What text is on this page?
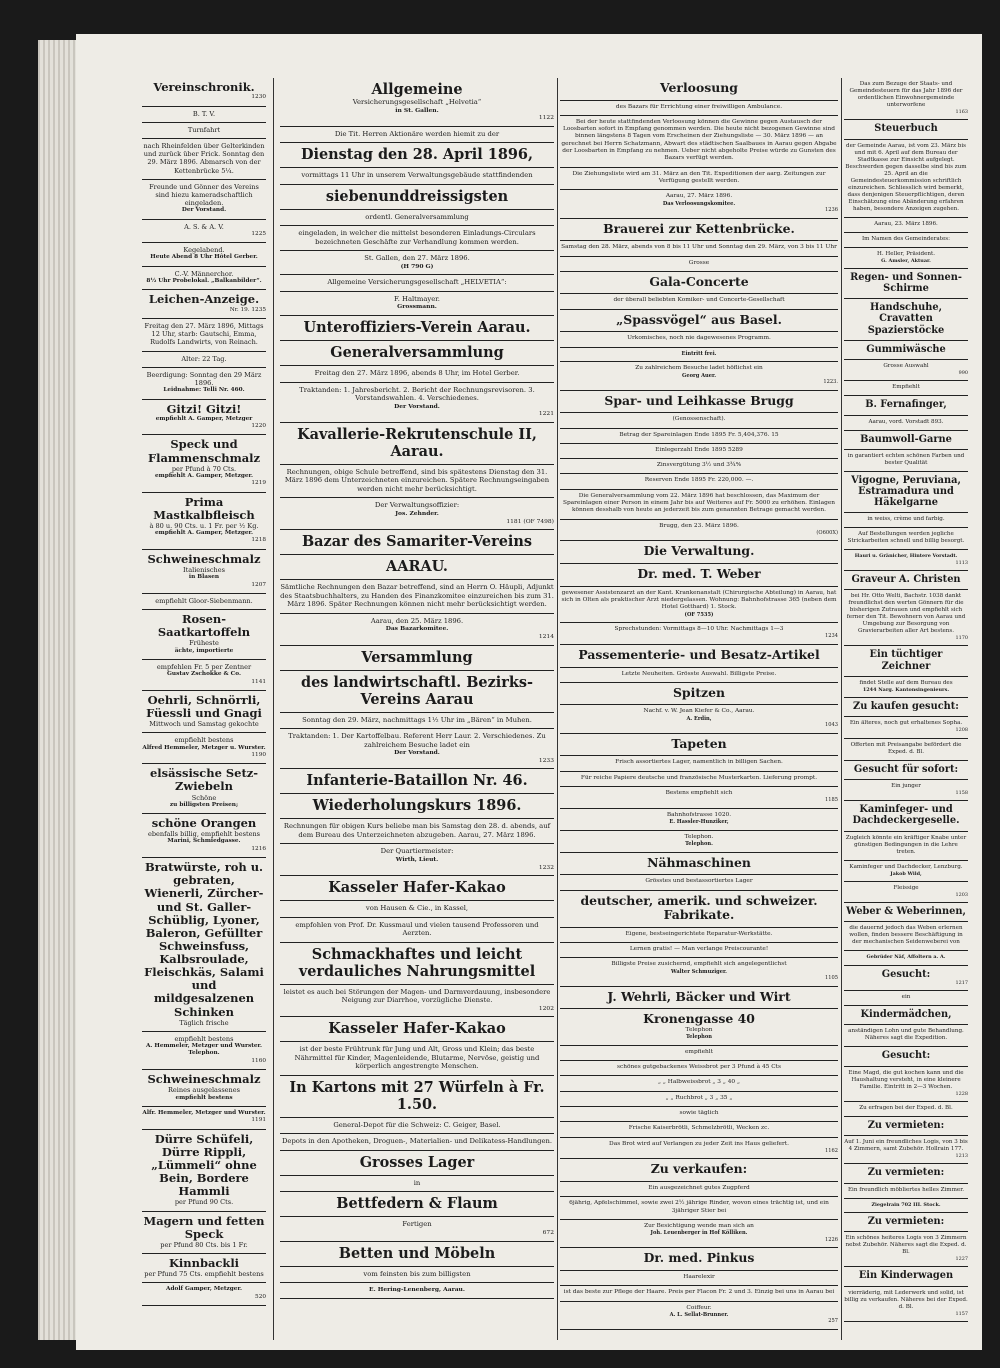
Vereinschronik.
1230
B. T. V.
Turnfahrt
nach Rheinfelden über Gelterkinden und zurück über Frick. Sonntag den 29. März 1896. Abmarsch von der Kettenbrücke 5¼.
Freunde und Gönner des Vereins sind hiezu kameradschaftlich eingeladen.
Der Vorstand.
A. S. & A. V.
1225
Kegelabend.
Heute Abend 8 Uhr Hôtel Gerber.
C.-V. Männerchor.
8½ Uhr Probelokal. „Balkanbilder“.
Leichen-Anzeige.
Nr. 19. 1235
Freitag den 27. März 1896, Mittags 12 Uhr, starb: Gautschi, Emma, Rudolfs Landwirts, von Reinach.
Alter: 22 Tag.
Beerdigung: Sonntag den 29 März 1896.
Leidnahme: Telli Nr. 460.
Gitzi! Gitzi!
empfiehlt A. Gamper, Metzger
1220
Speck und Flammenschmalz
per Pfund à 70 Cts.
empfiehlt A. Gamper, Metzger.
1219
Prima Mastkalbfleisch
à 80 u. 90 Cts. u. 1 Fr. per ½ Kg.
empfiehlt A. Gamper, Metzger.
1218
Schweineschmalz
Italienisches
in Blasen
1207
empfiehlt Gloor-Siebenmann.
Rosen-Saatkartoffeln
Frühestе
ächte, importierte
empfehlen Fr. 5 per Zentner
Gustav Zschokke & Co.
1141
Oehrli, Schnörrli, Füessli und Gnagi
Mittwoch und Samstag gekochte
empfiehlt bestens
Alfred Hemmeler, Metzger u. Wurster.
1190
elsässische Setz-Zwiebeln
Schöne
zu billigsten Preisen;
schöne Orangen
ebenfalls billig, empfiehlt bestens
Marini, Schmiedgasse.
1216
Bratwürste, roh u. gebraten, Wienerli, Zürcher- und St. Galler-Schüblig, Lyoner, Baleron, Gefüllter Schweinsfuss, Kalbsroulade, Fleischkäs, Salami und mildgesalzenen Schinken
Täglich frische
empfiehlt bestens
A. Hemmeler, Metzger und Wurster. Telephon.
1160
Schweineschmalz
Reines ausgelassenes
empfiehlt bestens
Alfr. Hemmeler, Metzger und Wurster.
1191
Dürre Schüfeli, Dürre Rippli, „Lümmeli“ ohne Bein, Bordere Hammli
per Pfund 90 Cts.
Magern und fetten Speck
per Pfund 80 Cts. bis 1 Fr.
Kinnbackli
per Pfund 75 Cts. empfiehlt bestens
Adolf Gamper, Metzger.
520
Allgemeine
Versicherungsgesellschaft „Helvetia“
in St. Gallen.
1122
Die Tit. Herren Aktionäre werden hiemit zu der
Dienstag den 28. April 1896,
vormittags 11 Uhr in unserem Verwaltungsgebäude stattfindenden
siebenunddreissigsten
ordentl. Generalversammlung
eingeladen, in welcher die mittelst besonderen Einladungs-Circulars bezeichneten Geschäfte zur Verhandlung kommen werden.
St. Gallen, den 27. März 1896.
(H 790 G)
Allgemeine Versicherungsgesellschaft „HELVETIA“:
F. Haltmayer.
Grossmann.
Unteroffiziers-Verein Aarau.
Generalversammlung
Freitag den 27. März 1896, abends 8 Uhr, im Hotel Gerber.
Traktanden: 1. Jahresbericht. 2. Bericht der Rechnungsrevisoren. 3. Vorstandswahlen. 4. Verschiedenes.
Der Vorstand.
1221
Kavallerie-Rekrutenschule II, Aarau.
Rechnungen, obige Schule betreffend, sind bis spätestens Dienstag den 31. März 1896 dem Unterzeichneten einzureichen. Spätere Rechnungseingaben werden nicht mehr berücksichtigt.
Der Verwaltungsoffizier:
Jos. Zehnder.
1181 (OF 7498)
Bazar des Samariter-Vereins
AARAU.
Sämtliche Rechnungen den Bazar betreffend, sind an Herrn O. Häupli, Adjunkt des Staatsbuchhalters, zu Handen des Finanzkomitee einzureichen bis zum 31. März 1896. Später Rechnungen können nicht mehr berücksichtigt werden.
Aarau, den 25. März 1896.
Das Bazarkomitee.
1214
Versammlung
des landwirtschaftl. Bezirks-Vereins Aarau
Sonntag den 29. März, nachmittags 1½ Uhr im „Bären“ in Muhen.
Traktanden: 1. Der Kartoffelbau. Referent Herr Laur. 2. Verschiedenes. Zu zahlreichem Besuche ladet ein
Der Vorstand.
1233
Infanterie-Bataillon Nr. 46.
Wiederholungskurs 1896.
Rechnungen für obigen Kurs beliebe man bis Samstag den 28. d. abends, auf dem Bureau des Unterzeichneten abzugeben. Aarau, 27. März 1896.
Der Quartiermeister:
Wirth, Lieut.
1232
Kasseler Hafer-Kakao
von Hausen & Cie., in Kassel,
empfohlen von Prof. Dr. Kussmaul und vielen tausend Professoren und Aerzten.
Schmackhaftes und leicht verdauliches Nahrungsmittel
leistet es auch bei Störungen der Magen- und Darmverdauung, insbesondere Neigung zur Diarrhoe, vorzügliche Dienste.
1202
Kasseler Hafer-Kakao
ist der beste Frühtrunk für Jung und Alt, Gross und Klein; das beste Nährmittel für Kinder, Magenleidende, Blutarme, Nervöse, geistig und körperlich angestrengte Menschen.
In Kartons mit 27 Würfeln à Fr. 1.50.
General-Depot für die Schweiz: C. Geiger, Basel.
Depots in den Apotheken, Droguen-, Materialien- und Delikatess-Handlungen.
Grosses Lager
in
Bettfedern & Flaum
Fertigen
672
Betten und Möbeln
vom feinsten bis zum billigsten
E. Hering-Lenenberg, Aarau.
Verloosung
des Bazars für Errichtung einer freiwilligen Ambulance.
Bei der heute stattfindenden Verloosung können die Gewinne gegen Austausch der Loosbarten sofort in Empfang genommen werden. Die heute nicht bezogenen Gewinne sind binnen längstens 8 Tagen vom Erscheinen der Ziehungsliste — 30. März 1896 — an gerechnet bei Herrn Schatzmann, Abwart des städtischen Saalbaues in Aarau gegen Abgabe der Loosbarten in Empfang zu nehmen. Ueber nicht abgeholte Preise würde zu Gunsten des Bazars verfügt werden.
Die Ziehungsliste wird am 31. März an den Tit. Expeditionen der aarg. Zeitungen zur Verfügung gestellt werden.
Aarau, 27. März 1896.
Das Verloosungskomitee.
1236
Brauerei zur Kettenbrücke.
Samstag den 28. März, abends von 8 bis 11 Uhr und Sonntag den 29. März, von 3 bis 11 Uhr
Grosse
Gala-Concerte
der überall beliebten Komiker- und Concerte-Gesellschaft
„Spassvögel“ aus Basel.
Urkomisches, noch nie dagewesenes Programm.
Eintritt frei.
Zu zahlreichem Besuche ladet höflichst ein
Georg Auer.
1223.
Spar- und Leihkasse Brugg
(Genossenschaft).
Betrag der Spareinlagen Ende 1895 Fr. 5,404,376. 15
Einlegerzahl Ende 1895 5289
Zinsvergütung 3½ und 3¾%
Reserven Ende 1895 Fr. 220,000. —.
Die Generalversammlung vom 22. März 1896 hat beschlossen, das Maximum der Spareinlagen einer Person in einem Jahr bis auf Weiteres auf Fr. 5000 zu erhöhen. Einlagen können desshalb von heute an jederzeit bis zum genannten Betrage gemacht werden.
Brugg, den 23. März 1896.
(O600X)
Die Verwaltung.
Dr. med. T. Weber
gewesener Assistenzarzt an der Kant. Krankenanstalt (Chirurgische Abteilung) in Aarau, hat sich in Olten als praktischer Arzt niedergelassen. Wohnung: Bahnhofstrasse 365 (neben dem Hotel Gotthard) 1. Stock.
(OF 7535)
Sprechstunden: Vormittags 8—10 Uhr. Nachmittags 1—3
1234
Passementerie- und Besatz-Artikel
Letzte Neuheiten. Grösste Auswahl. Billigste Preise.
Spitzen
Nachf. v. W. Jean Kiefer & Co., Aarau.
A. Erdin,
1043
Tapeten
Frisch assortiertes Lager, namentlich in billigen Sachen.
Für reiche Papiere deutsche und französische Musterkarten. Lieferung prompt.
Bestens empfiehlt sich
1185
Bahnhofstrasse 1020.
E. Hassler-Hunziker,
Telephon.
Telephon.
Nähmaschinen
Grösstes und bestassortiertes Lager
deutscher, amerik. und schweizer. Fabrikate.
Eigene, bestseingerichtete Reparatur-Werkstätte.
Lernen gratis! — Man verlange Preiscourante!
Billigste Preise zusichernd, empfiehlt sich angelegentlichst
Walter Schmuziger.
1105
J. Wehrli, Bäcker und Wirt
Kronengasse 40
Telephon
Telephon
empfiehlt
schönes gutgebackenes Weissbrot per 3 Pfund à 45 Cts
„ „ Halbweissbrot „ 3 „ 40 „
„ „ Ruchbrot „ 3 „ 35 „
sowie täglich
Frische Kaiserbrötli, Schmelzbrötli, Wecken zc.
Das Brot wird auf Verlangen zu jeder Zeit ins Haus geliefert.
1162
Zu verkaufen:
Ein ausgezeichnet gutes Zugpferd
6jährig, Apfelschimmel, sowie zwei 2½ jährige Rinder, wovon eines trächtig ist, und ein 3jähriger Stier bei
Zur Besichtigung wende man sich an
Joh. Leuenberger in Hof Kölliken.
1226
Dr. med. Pinkus
Haarelexir
ist das beste zur Pflege der Haare. Preis per Flacon Fr. 2 und 3. Einzig bei uns in Aarau bei
Coiffeur.
A. L. Sellat-Brunner.
257
Das zum Bezuge der Staats- und Gemeindesteuern für das Jahr 1896 der ordentlichen Einwohnergemeinde unterworfene
1163
Steuerbuch
der Gemeinde Aarau, ist vom 23. März bis und mit 6. April auf dem Bureau der Stadtkasse zur Einsicht aufgelegt. Beschwerden gegen dasselbe sind bis zum 25. April an die Gemeindesteuerkommission schriftlich einzureichen. Schliesslich wird bemerkt, dass denjenigen Steuerpflichtigen, deren Einschätzung eine Abänderung erfahren haben, besondere Anzeigen zugehen.
Aarau, 23. März 1896.
Im Namen des Gemeinderates:
H. Heller, Präsident.
G. Amsler, Aktuar.
Regen- und Sonnen-Schirme
Handschuhe, Cravatten Spazierstöcke
Gummiwäsche
Grosse Auswahl
990
Empfiehlt
B. Fernafinger,
Aarau, vord. Vorstadt 893.
Baumwoll-Garne
in garantiert echten schönen Farben und bester Qualität
Vigogne, Peruviana, Estramadura und Häkelgarne
in weiss, crème und farbig.
Auf Bestellungen werden jegliche Strickarbeiten schnell und billig besorgt.
Hauri u. Gränicher, Hintere Vorstadt.
1113
Graveur A. Christen
bei Hr. Otto Welti, Bachstr. 1038 dankt freundlichst den werten Gönnern für die bisherigen Zutrauen und empfiehlt sich ferner den Tit. Bewohnern von Aarau und Umgebung zur Besorgung von Gravierarbeiten aller Art bestens.
1170
Ein tüchtiger Zeichner
findet Stelle auf dem Bureau des
1244 Narg. Kantonsingenieurs.
Zu kaufen gesucht:
Ein älteres, noch gut erhaltenes Sopha.
1208
Offerten mit Preisangabe befördert die Exped. d. Bl.
Gesucht für sofort:
Ein junger
1158
Kaminfeger- und Dachdeckergeselle.
Zugleich könnte ein kräftiger Knabe unter günstigen Bedingungen in die Lehre treten.
Kaminfeger und Dachdecker, Lenzburg.
Jakob Wild,
Fleissige
1203
Weber & Weberinnen,
die dauernd jedoch das Weben erlernen wollen, finden bessere Beschäftigung in der mechanischen Seidenweberei von
Gebrüder Näf, Affoltern a. A.
Gesucht:
1217
ein
Kindermädchen,
anständigen Lohn und gute Behandlung. Näheres sagt die Expedition.
Gesucht:
Eine Magd, die gut kochen kann und die Haushaltung versteht, in eine kleinere Familie. Eintritt in 2—3 Wochen.
1228
Zu erfragen bei der Exped. d. Bl.
Zu vermieten:
Auf 1. Juni ein freundliches Logis, von 3 bis 4 Zimmern, samt Zubehör. Hollrain 177.
1213
Zu vermieten:
Ein freundlich möbliertes helles Zimmer.
Ziegelrain 702 III. Stock.
Zu vermieten:
Ein schönes heiteres Logis von 3 Zimmern nebst Zubehör. Näheres sagt die Exped. d. Bl.
1227
Ein Kinderwagen
vierräderig, mit Lederwerk und solid, ist billig zu verkaufen. Näheres bei der Exped. d. Bl.
1157
